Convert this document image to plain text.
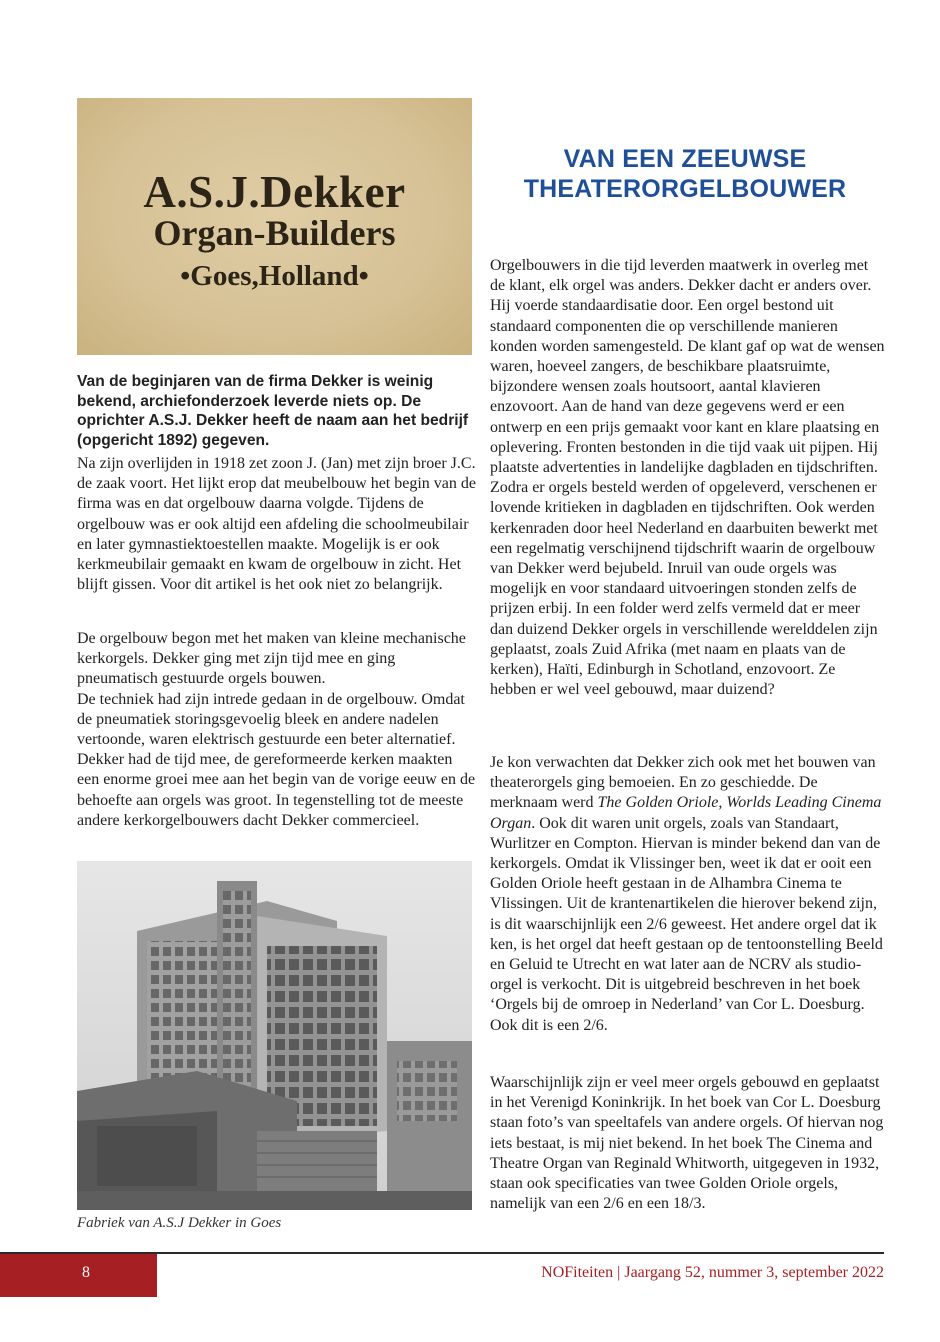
A.S.J.Dekker
Organ-Builders
•Goes,Holland•
VAN EEN ZEEUWSE
THEATERORGELBOUWER

Van de beginjaren van de firma Dekker is weinig bekend, archiefonderzoek leverde niets op. De oprichter A.S.J. Dekker heeft de naam aan het bedrijf (opgericht 1892) gegeven.

Na zijn overlijden in 1918 zet zoon J. (Jan) met zijn broer J.C. de zaak voort. Het lijkt erop dat meubelbouw het begin van de firma was en dat orgelbouw daarna volgde. Tijdens de orgelbouw was er ook altijd een afdeling die schoolmeubilair en later gymnastiektoestellen maakte. Mogelijk is er ook kerkmeubilair gemaakt en kwam de orgelbouw in zicht. Het blijft gissen. Voor dit artikel is het ook niet zo belangrijk.

De orgelbouw begon met het maken van kleine mechanische kerkorgels. Dekker ging met zijn tijd mee en ging pneumatisch gestuurde orgels bouwen.
De techniek had zijn intrede gedaan in de orgelbouw. Omdat de pneumatiek storingsgevoelig bleek en andere nadelen vertoonde, waren elektrisch gestuurde een beter alternatief. Dekker had de tijd mee, de gereformeerde kerken maakten een enorme groei mee aan het begin van de vorige eeuw en de behoefte aan orgels was groot. In tegenstelling tot de meeste andere kerkorgelbouwers dacht Dekker commercieel.

Fabriek van A.S.J Dekker in Goes

Orgelbouwers in die tijd leverden maatwerk in overleg met de klant, elk orgel was anders. Dekker dacht er anders over. Hij voerde standaardisatie door. Een orgel bestond uit standaard componenten die op verschillende manieren konden worden samengesteld. De klant gaf op wat de wensen waren, hoeveel zangers, de beschikbare plaatsruimte, bijzondere wensen zoals houtsoort, aantal klavieren enzovoort. Aan de hand van deze gegevens werd er een ontwerp en een prijs gemaakt voor kant en klare plaatsing en oplevering. Fronten bestonden in die tijd vaak uit pijpen. Hij plaatste advertenties in landelijke dagbladen en tijdschriften. Zodra er orgels besteld werden of opgeleverd, verschenen er lovende kritieken in dagbladen en tijdschriften. Ook werden kerkenraden door heel Nederland en daarbuiten bewerkt met een regelmatig verschijnend tijdschrift waarin de orgelbouw van Dekker werd bejubeld. Inruil van oude orgels was mogelijk en voor standaard uitvoeringen stonden zelfs de prijzen erbij. In een folder werd zelfs vermeld dat er meer dan duizend Dekker orgels in verschillende werelddelen zijn geplaatst, zoals Zuid Afrika (met naam en plaats van de kerken), Haïti, Edinburgh in Schotland, enzovoort. Ze hebben er wel veel gebouwd, maar duizend?

Je kon verwachten dat Dekker zich ook met het bouwen van theaterorgels ging bemoeien. En zo geschiedde. De merknaam werd The Golden Oriole, Worlds Leading Cinema Organ. Ook dit waren unit orgels, zoals van Standaart, Wurlitzer en Compton. Hiervan is minder bekend dan van de kerkorgels. Omdat ik Vlissinger ben, weet ik dat er ooit een Golden Oriole heeft gestaan in de Alhambra Cinema te Vlissingen. Uit de krantenartikelen die hierover bekend zijn, is dit waarschijnlijk een 2/6 geweest. Het andere orgel dat ik ken, is het orgel dat heeft gestaan op de tentoonstelling Beeld en Geluid te Utrecht en wat later aan de NCRV als studio-orgel is verkocht. Dit is uitgebreid beschreven in het boek ‘Orgels bij de omroep in Nederland’ van Cor L. Doesburg. Ook dit is een 2/6.

Waarschijnlijk zijn er veel meer orgels gebouwd en geplaatst in het Verenigd Koninkrijk. In het boek van Cor L. Doesburg staan foto’s van speeltafels van andere orgels. Of hiervan nog iets bestaat, is mij niet bekend. In het boek The Cinema and Theatre Organ van Reginald Whitworth, uitgegeven in 1932, staan ook specificaties van twee Golden Oriole orgels, namelijk van een 2/6 en een 18/3.

8	NOFiteiten | Jaargang 52, nummer 3, september 2022
